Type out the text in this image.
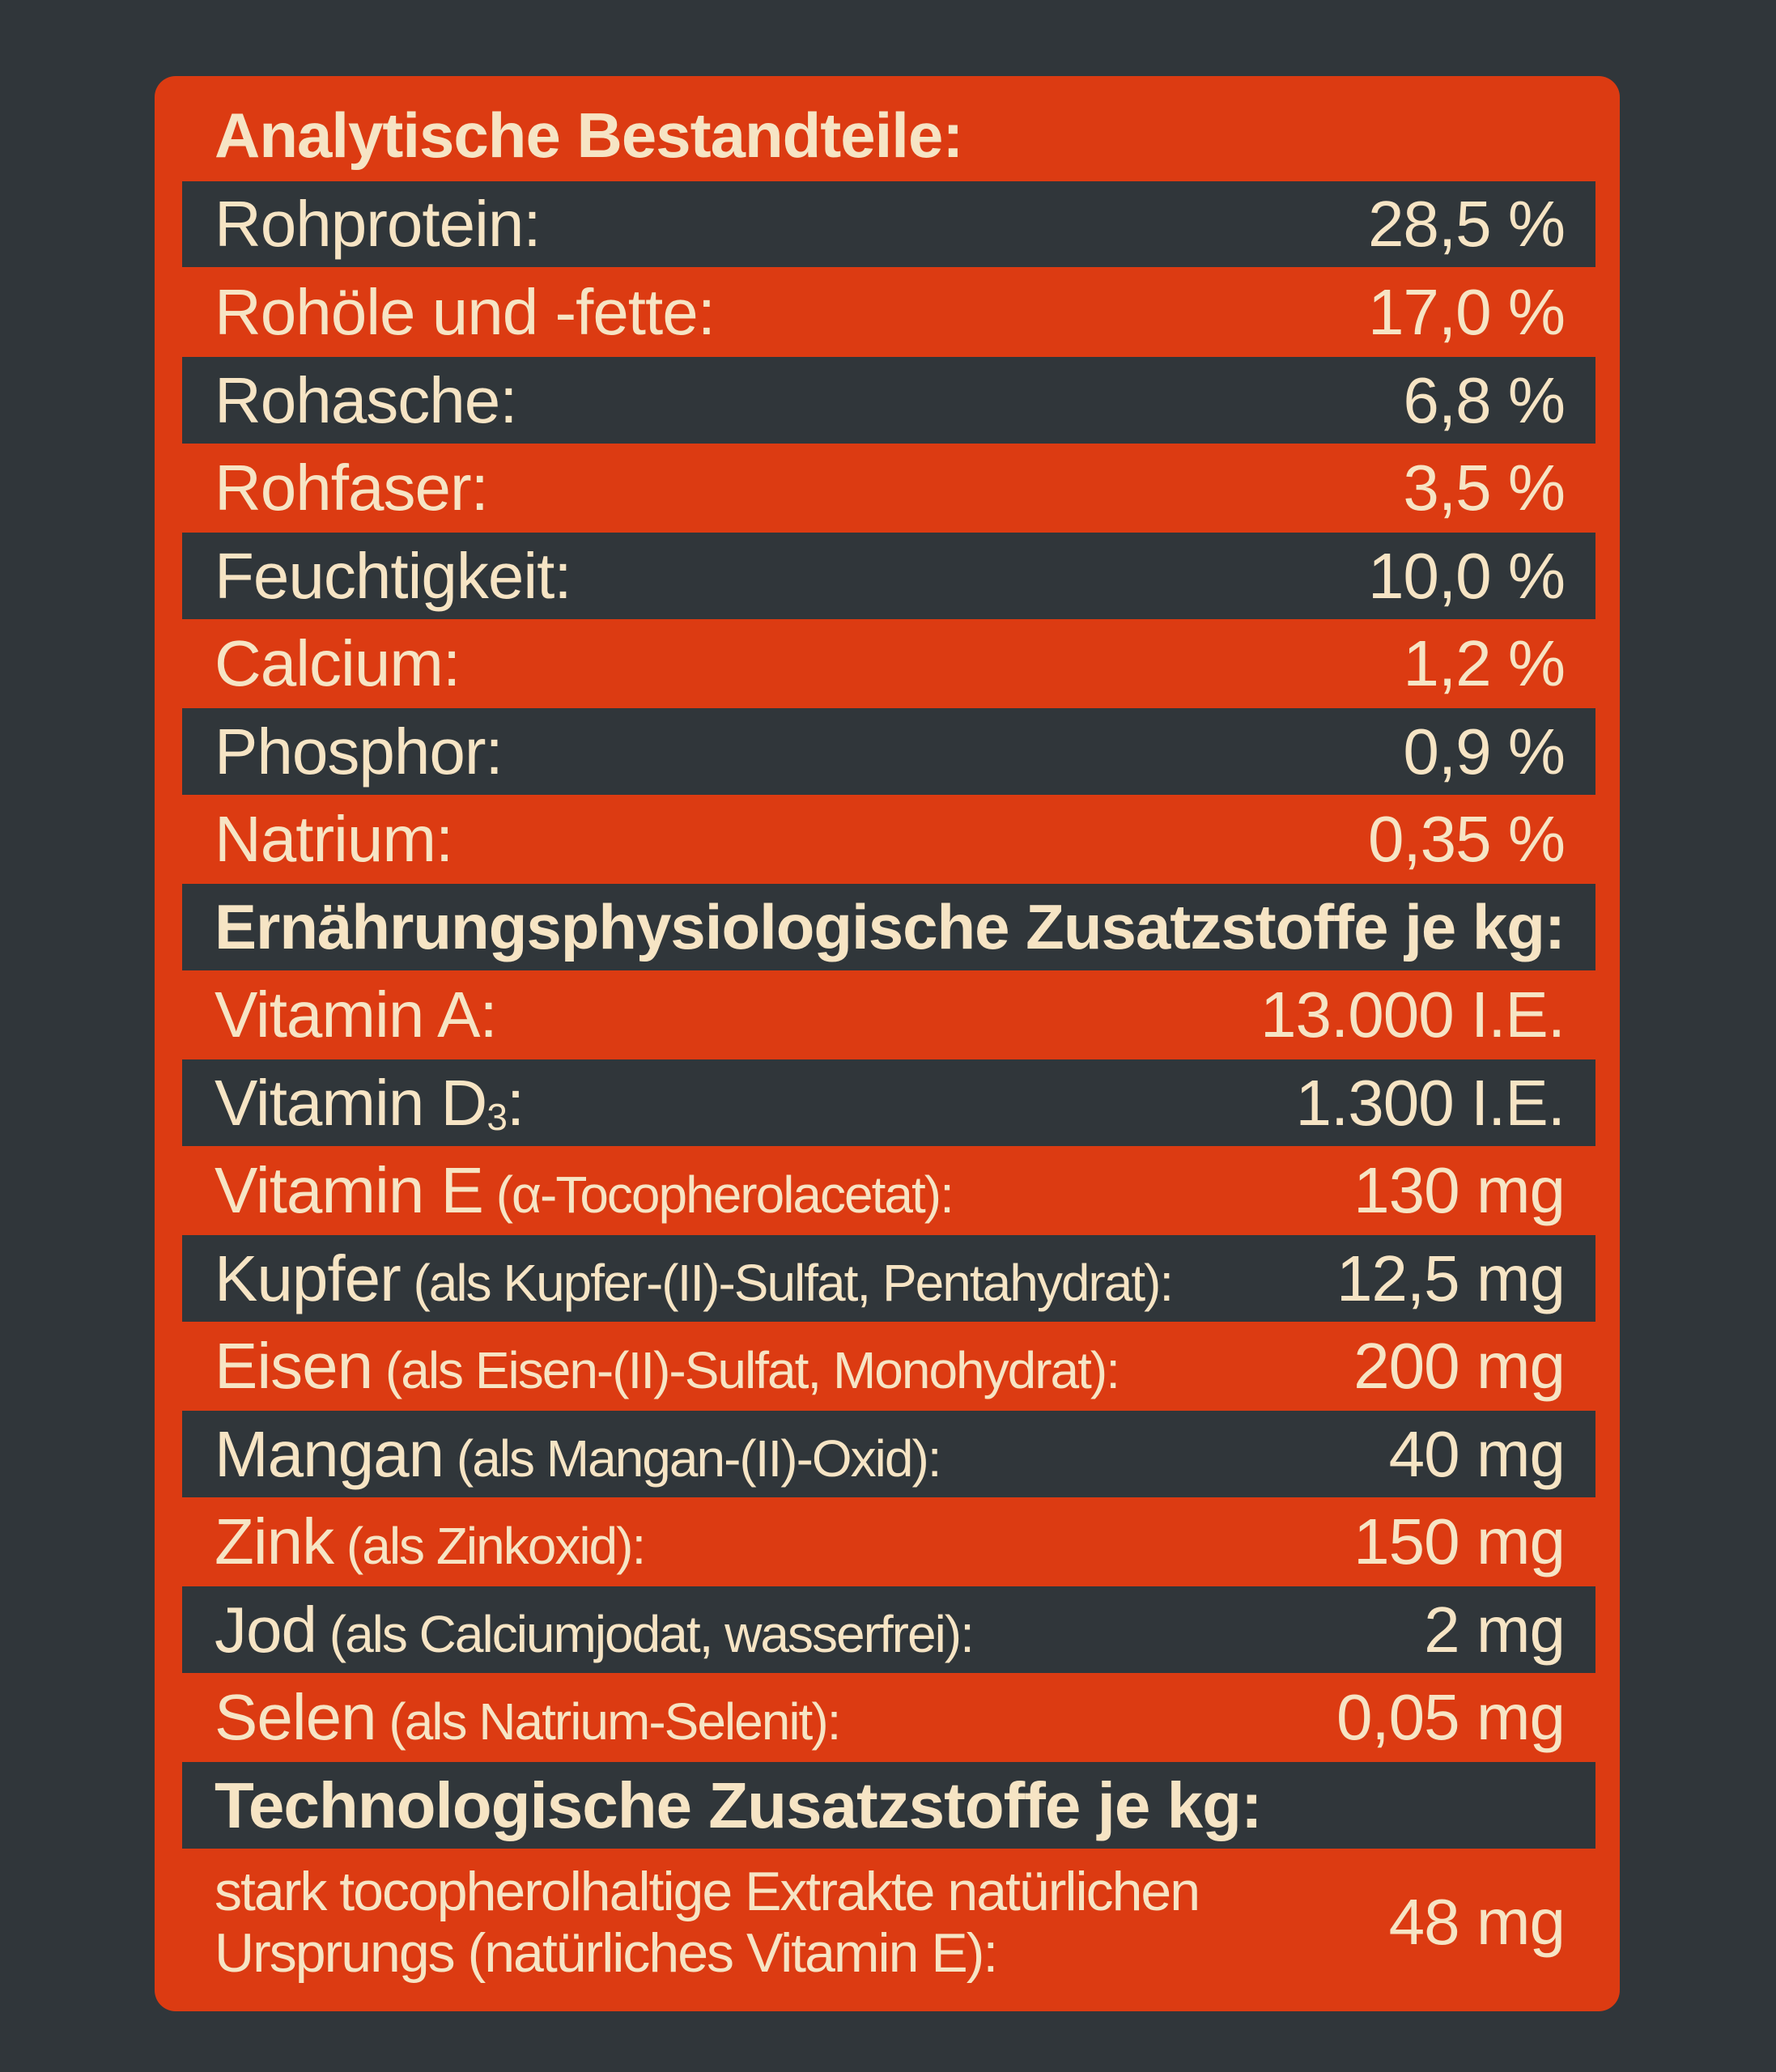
Analytische Bestandteile:
Rohprotein:	28,5 %
Rohöle und -fette:	17,0 %
Rohasche:	6,8 %
Rohfaser:	3,5 %
Feuchtigkeit:	10,0 %
Calcium:	1,2 %
Phosphor:	0,9 %
Natrium:	0,35 %
Ernährungsphysiologische Zusatzstoffe je kg:
Vitamin A:	13.000 I.E.
Vitamin D3:	1.300 I.E.
Vitamin E (α-Tocopherolacetat):	130 mg
Kupfer (als Kupfer-(II)-Sulfat, Pentahydrat):	12,5 mg
Eisen (als Eisen-(II)-Sulfat, Monohydrat):	200 mg
Mangan (als Mangan-(II)-Oxid):	40 mg
Zink (als Zinkoxid):	150 mg
Jod (als Calciumjodat, wasserfrei):	2 mg
Selen (als Natrium-Selenit):	0,05 mg
Technologische Zusatzstoffe je kg:
stark tocopherolhaltige Extrakte natürlichen
Ursprungs (natürliches Vitamin E):	48 mg
